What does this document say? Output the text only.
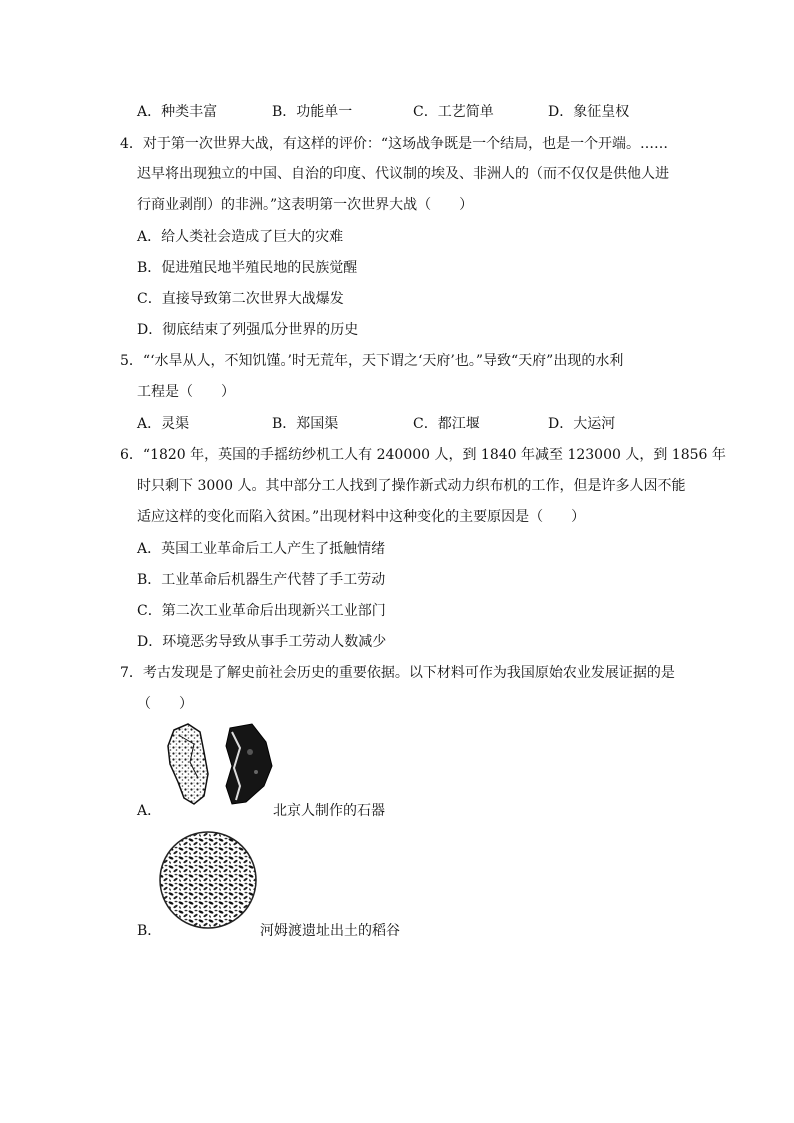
A．种类丰富	B．功能单一	C．工艺简单	D．象征皇权
4．对于第一次世界大战，有这样的评价：“这场战争既是一个结局，也是一个开端。……
迟早将出现独立的中国、自治的印度、代议制的埃及、非洲人的（而不仅仅是供他人进
行商业剥削）的非洲。”这表明第一次世界大战（　　）
A．给人类社会造成了巨大的灾难
B．促进殖民地半殖民地的民族觉醒
C．直接导致第二次世界大战爆发
D．彻底结束了列强瓜分世界的历史
5．“‘水旱从人，不知饥馑。’时无荒年，天下谓之‘天府’也。”导致“天府”出现的水利
工程是（　　）
A．灵渠	B．郑国渠	C．都江堰	D．大运河
6．“1820 年，英国的手摇纺纱机工人有 240000 人，到 1840 年减至 123000 人，到 1856 年
时只剩下 3000 人。其中部分工人找到了操作新式动力织布机的工作，但是许多人因不能
适应这样的变化而陷入贫困。”出现材料中这种变化的主要原因是（　　）
A．英国工业革命后工人产生了抵触情绪
B．工业革命后机器生产代替了手工劳动
C．第二次工业革命后出现新兴工业部门
D．环境恶劣导致从事手工劳动人数减少
7．考古发现是了解史前社会历史的重要依据。以下材料可作为我国原始农业发展证据的是
（　　）
A．	北京人制作的石器
B．	河姆渡遗址出土的稻谷
